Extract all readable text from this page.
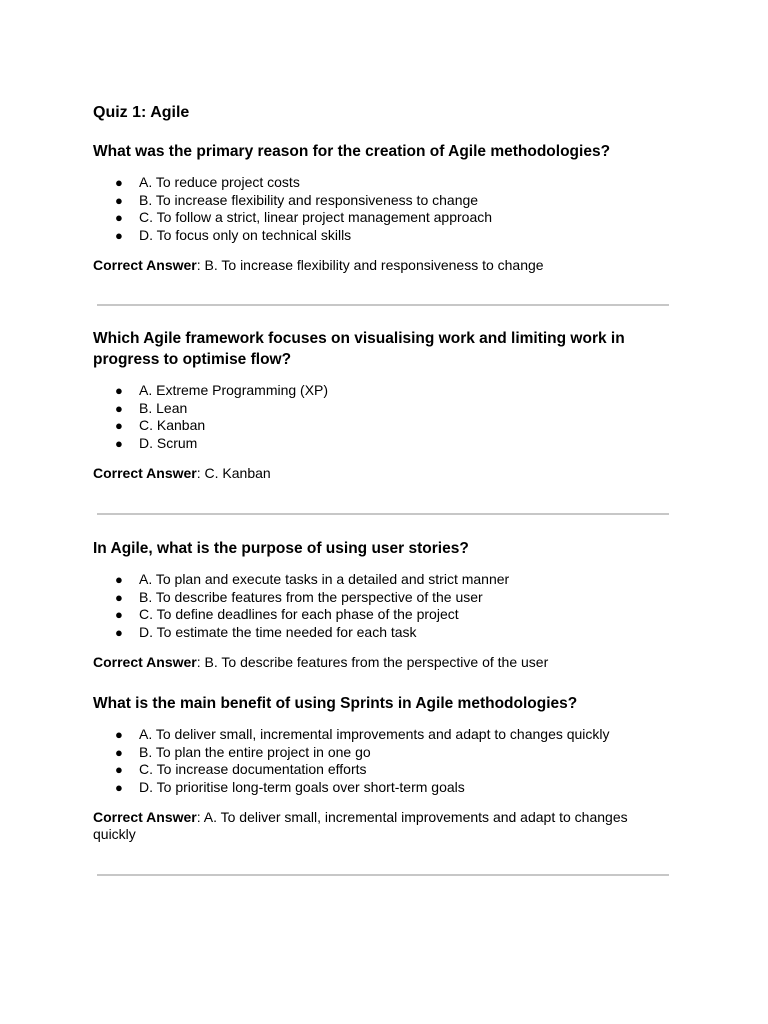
Quiz 1: Agile

What was the primary reason for the creation of Agile methodologies?

● A. To reduce project costs
● B. To increase flexibility and responsiveness to change
● C. To follow a strict, linear project management approach
● D. To focus only on technical skills

Correct Answer: B. To increase flexibility and responsiveness to change

Which Agile framework focuses on visualising work and limiting work in progress to optimise flow?

● A. Extreme Programming (XP)
● B. Lean
● C. Kanban
● D. Scrum

Correct Answer: C. Kanban

In Agile, what is the purpose of using user stories?

● A. To plan and execute tasks in a detailed and strict manner
● B. To describe features from the perspective of the user
● C. To define deadlines for each phase of the project
● D. To estimate the time needed for each task

Correct Answer: B. To describe features from the perspective of the user

What is the main benefit of using Sprints in Agile methodologies?

● A. To deliver small, incremental improvements and adapt to changes quickly
● B. To plan the entire project in one go
● C. To increase documentation efforts
● D. To prioritise long-term goals over short-term goals

Correct Answer: A. To deliver small, incremental improvements and adapt to changes quickly
